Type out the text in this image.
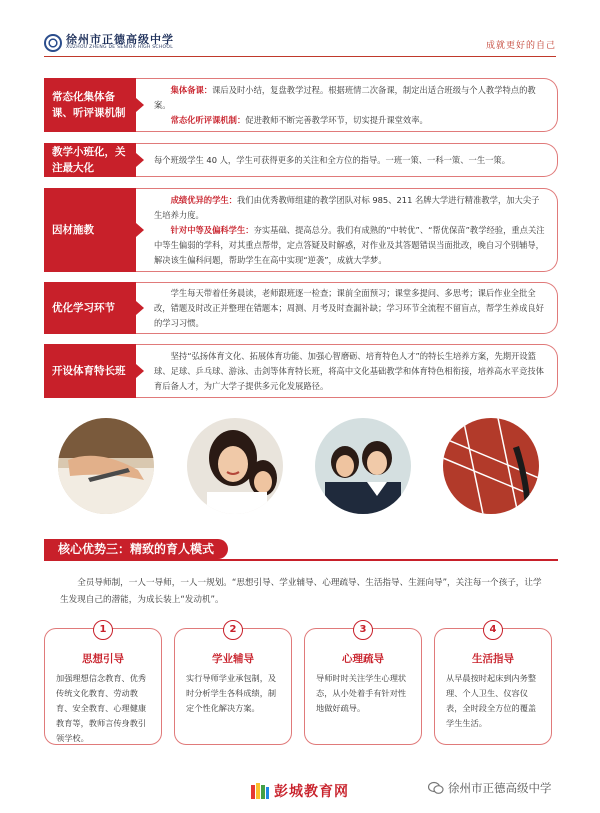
徐州市正德高级中学
XUZHOU ZHENG DE SENIOR HIGH SCHOOL	成就更好的自己
常态化集体备课、听评课机制

集体备课：课后及时小结，复盘教学过程。根据班情二次备课，制定出适合班级与个人教学特点的教案。

常态化听评课机制：促进教师不断完善教学环节，切实提升课堂效率。

教学小班化，关注最大化

每个班级学生 40 人，学生可获得更多的关注和全方位的指导。一班一策、一科一策、一生一策。

因材施教

成绩优异的学生：我们由优秀教师组建的教学团队对标 985、211 名牌大学进行精准教学，加大尖子生培养力度。

针对中等及偏科学生：夯实基础、提高总分。我们有成熟的“中转优”、“帮优保苗”教学经验，重点关注中等生偏弱的学科，对其重点帮带，定点答疑及时解惑，对作业及其答题错误当面批改，晚自习个别辅导，解决该生偏科问题，帮助学生在高中实现“逆袭”，成就大学梦。

优化学习环节

学生每天带着任务晨读，老师跟班逐一检查；课前全面预习；课堂多提问、多思考；课后作业全批全改，错题及时改正并整理在错题本；周测、月考及时查漏补缺；学习环节全流程不留盲点，帮学生养成良好的学习习惯。

开设体育特长班

坚持“弘扬体育文化、拓展体育功能、加强心智磨砺、培育特色人才”的特长生培养方案，先期开设篮球、足球、乒乓球、游泳、击剑等体育特长班，将高中文化基础教学和体育特色相衔接，培养高水平竞技体育后备人才，为广大学子提供多元化发展路径。

核心优势三：精致的育人模式
全员导师制，一人一导师，一人一规划。“思想引导、学业辅导、心理疏导、生活指导、生涯向导”，关注每一个孩子，让学生发现自己的潜能，为成长装上“发动机”。
1
思想引导
加强理想信念教育、优秀传统文化教育、劳动教育、安全教育、心理健康教育等，教师言传身教引领学校。
2
学业辅导
实行导师学业承包制，及时分析学生各科成绩，制定个性化解决方案。
3
心理疏导
导师时时关注学生心理状态，从小处着手有针对性地做好疏导。
4
生活指导
从早晨按时起床到内务整理、个人卫生、仪容仪表，全时段全方位的覆盖学生生活。
彭城教育网	徐州市正德高级中学
